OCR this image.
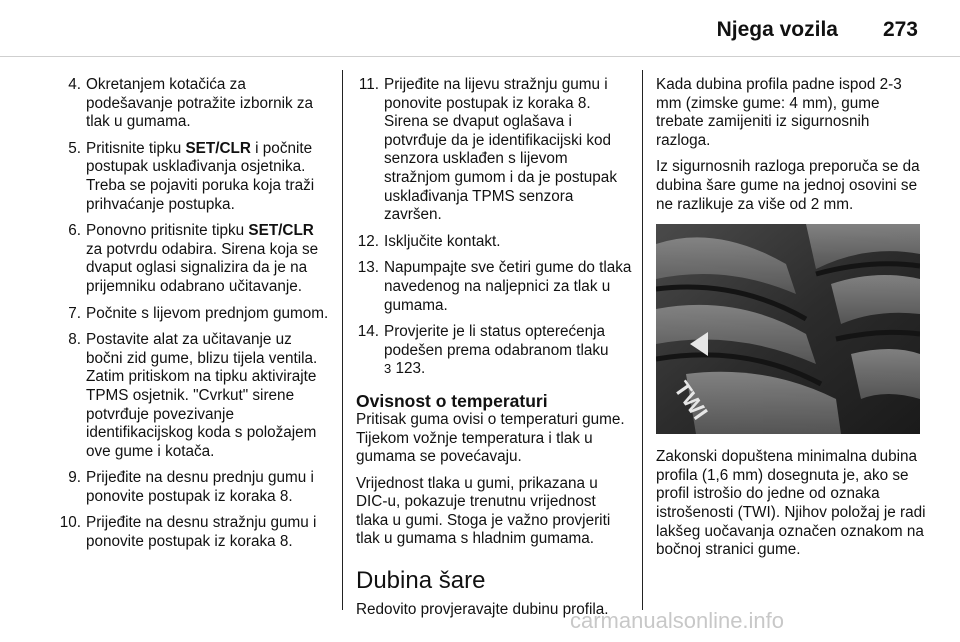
Njega vozila 273
4. Okretanjem kotačića za podešavanje potražite izbornik za tlak u gumama.
5. Pritisnite tipku SET/CLR i počnite postupak usklađivanja osjetnika. Treba se pojaviti poruka koja traži prihvaćanje postupka.
6. Ponovno pritisnite tipku SET/CLR za potvrdu odabira. Sirena koja se dvaput oglasi signalizira da je na prijemniku odabrano učitavanje.
7. Počnite s lijevom prednjom gumom.
8. Postavite alat za učitavanje uz bočni zid gume, blizu tijela ventila. Zatim pritiskom na tipku aktivirajte TPMS osjetnik. "Cvrkut" sirene potvrđuje povezivanje identifikacijskog koda s položajem ove gume i kotača.
9. Prijeđite na desnu prednju gumu i ponovite postupak iz koraka 8.
10. Prijeđite na desnu stražnju gumu i ponovite postupak iz koraka 8.
11. Prijeđite na lijevu stražnju gumu i ponovite postupak iz koraka 8. Sirena se dvaput oglašava i potvrđuje da je identifikacijski kod senzora usklađen s lijevom stražnjom gumom i da je postupak usklađivanja TPMS senzora završen.
12. Isključite kontakt.
13. Napumpajte sve četiri gume do tlaka navedenog na naljepnici za tlak u gumama.
14. Provjerite je li status opterećenja podešen prema odabranom tlaku
3 123.
Ovisnost o temperaturi

Pritisak guma ovisi o temperaturi gume. Tijekom vožnje temperatura i tlak u gumama se povećavaju.

Vrijednost tlaka u gumi, prikazana u DIC-u, pokazuje trenutnu vrijednost tlaka u gumi. Stoga je važno provjeriti tlak u gumama s hladnim gumama.

Dubina šare

Redovito provjeravajte dubinu profila.

Kada dubina profila padne ispod 2-3 mm (zimske gume: 4 mm), gume trebate zamijeniti iz sigurnosnih razloga.

Iz sigurnosnih razloga preporuča se da dubina šare gume na jednoj osovini se ne razlikuje za više od 2 mm.

TWI

Zakonski dopuštena minimalna dubina profila (1,6 mm) dosegnuta je, ako se profil istrošio do jedne od oznaka istrošenosti (TWI). Njihov položaj je radi lakšeg uočavanja označen oznakom na bočnoj stranici gume.

carmanualsonline.info
